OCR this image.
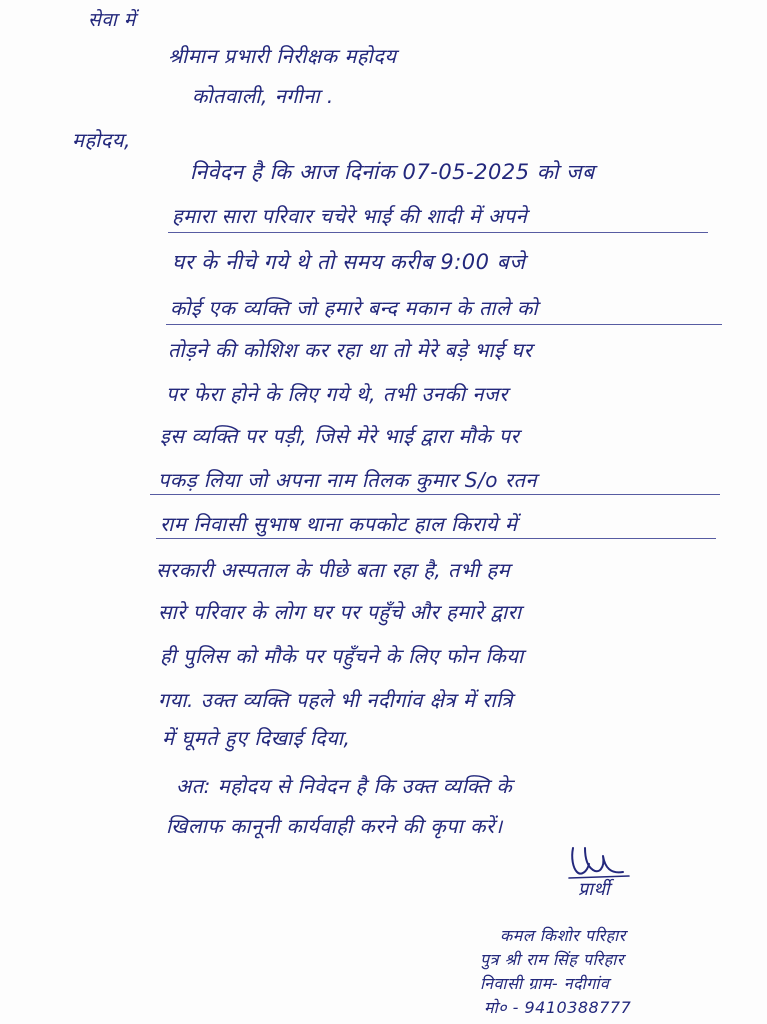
सेवा में
श्रीमान प्रभारी निरीक्षक महोदय
कोतवाली, नगीना .
महोदय,
निवेदन है कि आज दिनांक 07-05-2025 को जब
हमारा सारा परिवार चचेरे भाई की शादी में अपने
घर के नीचे गये थे तो समय करीब 9:00 बजे
कोई एक व्यक्ति जो हमारे बन्द मकान के ताले को
तोड़ने की कोशिश कर रहा था तो मेरे बड़े भाई घर
पर फेरा होने के लिए गये थे, तभी उनकी नजर
इस व्यक्ति पर पड़ी, जिसे मेरे भाई द्वारा मौके पर
पकड़ लिया जो अपना नाम तिलक कुमार S/o रतन
राम निवासी सुभाष थाना कपकोट हाल किराये में
सरकारी अस्पताल के पीछे बता रहा है, तभी हम
सारे परिवार के लोग घर पर पहुँचे और हमारे द्वारा
ही पुलिस को मौके पर पहुँचने के लिए फोन किया
गया. उक्त व्यक्ति पहले भी नदीगांव क्षेत्र में रात्रि
में घूमते हुए दिखाई दिया,
अत: महोदय से निवेदन है कि उक्त व्यक्ति के
खिलाफ कानूनी कार्यवाही करने की कृपा करें।
प्रार्थी
कमल किशोर परिहार
पुत्र श्री राम सिंह परिहार
निवासी ग्राम- नदीगांव
मो० - 9410388777
